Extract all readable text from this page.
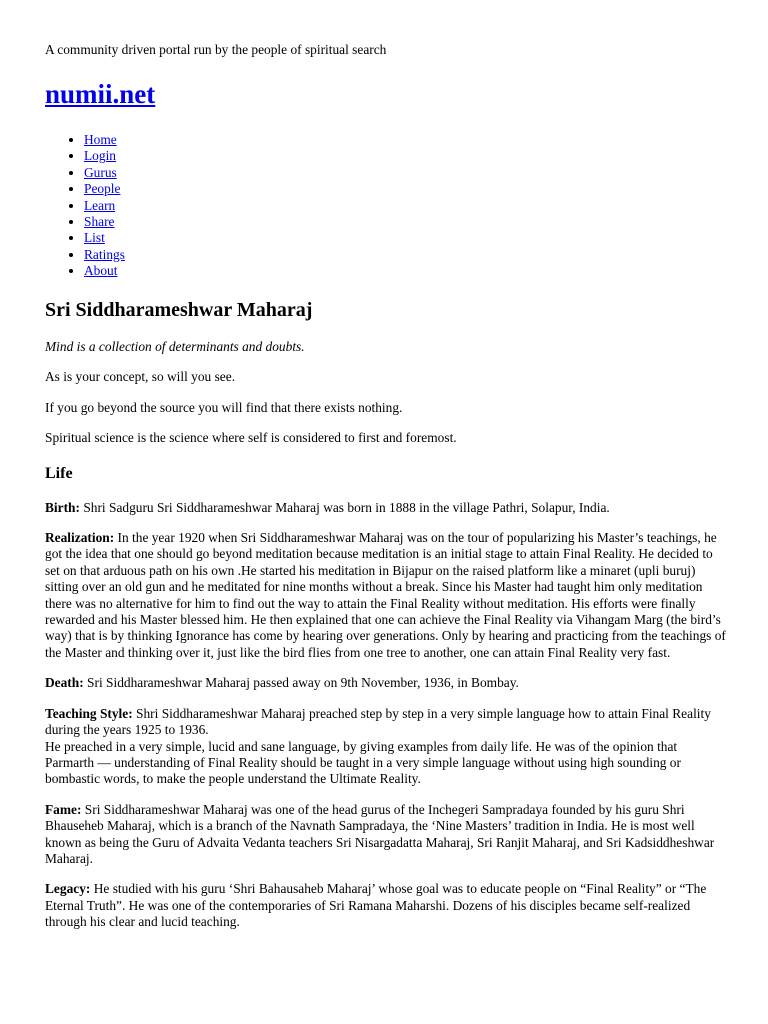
A community driven portal run by the people of spiritual search
numii.net
• Home
• Login
• Gurus
• People
• Learn
• Share
• List
• Ratings
• About
Sri Siddharameshwar Maharaj

Mind is a collection of determinants and doubts.

As is your concept, so will you see.

If you go beyond the source you will find that there exists nothing.

Spiritual science is the science where self is considered to first and foremost.

Life

Birth: Shri Sadguru Sri Siddharameshwar Maharaj was born in 1888 in the village Pathri, Solapur, India.

Realization: In the year 1920 when Sri Siddharameshwar Maharaj was on the tour of popularizing his Master’s teachings, he got the idea that one should go beyond meditation because meditation is an initial stage to attain Final Reality. He decided to set on that arduous path on his own .He started his meditation in Bijapur on the raised platform like a minaret (upli buruj) sitting over an old gun and he meditated for nine months without a break. Since his Master had taught him only meditation there was no alternative for him to find out the way to attain the Final Reality without meditation. His efforts were finally rewarded and his Master blessed him. He then explained that one can achieve the Final Reality via Vihangam Marg (the bird’s way) that is by thinking Ignorance has come by hearing over generations. Only by hearing and practicing from the teachings of the Master and thinking over it, just like the bird flies from one tree to another, one can attain Final Reality very fast.

Death: Sri Siddharameshwar Maharaj passed away on 9th November, 1936, in Bombay.

Teaching Style: Shri Siddharameshwar Maharaj preached step by step in a very simple language how to attain Final Reality during the years 1925 to 1936.
He preached in a very simple, lucid and sane language, by giving examples from daily life. He was of the opinion that Parmarth — understanding of Final Reality should be taught in a very simple language without using high sounding or bombastic words, to make the people understand the Ultimate Reality.

Fame: Sri Siddharameshwar Maharaj was one of the head gurus of the Inchegeri Sampradaya founded by his guru Shri Bhauseheb Maharaj, which is a branch of the Navnath Sampradaya, the ‘Nine Masters’ tradition in India. He is most well known as being the Guru of Advaita Vedanta teachers Sri Nisargadatta Maharaj, Sri Ranjit Maharaj, and Sri Kadsiddheshwar Maharaj.

Legacy: He studied with his guru ‘Shri Bahausaheb Maharaj’ whose goal was to educate people on “Final Reality” or “The Eternal Truth”. He was one of the contemporaries of Sri Ramana Maharshi. Dozens of his disciples became self-realized through his clear and lucid teaching.
